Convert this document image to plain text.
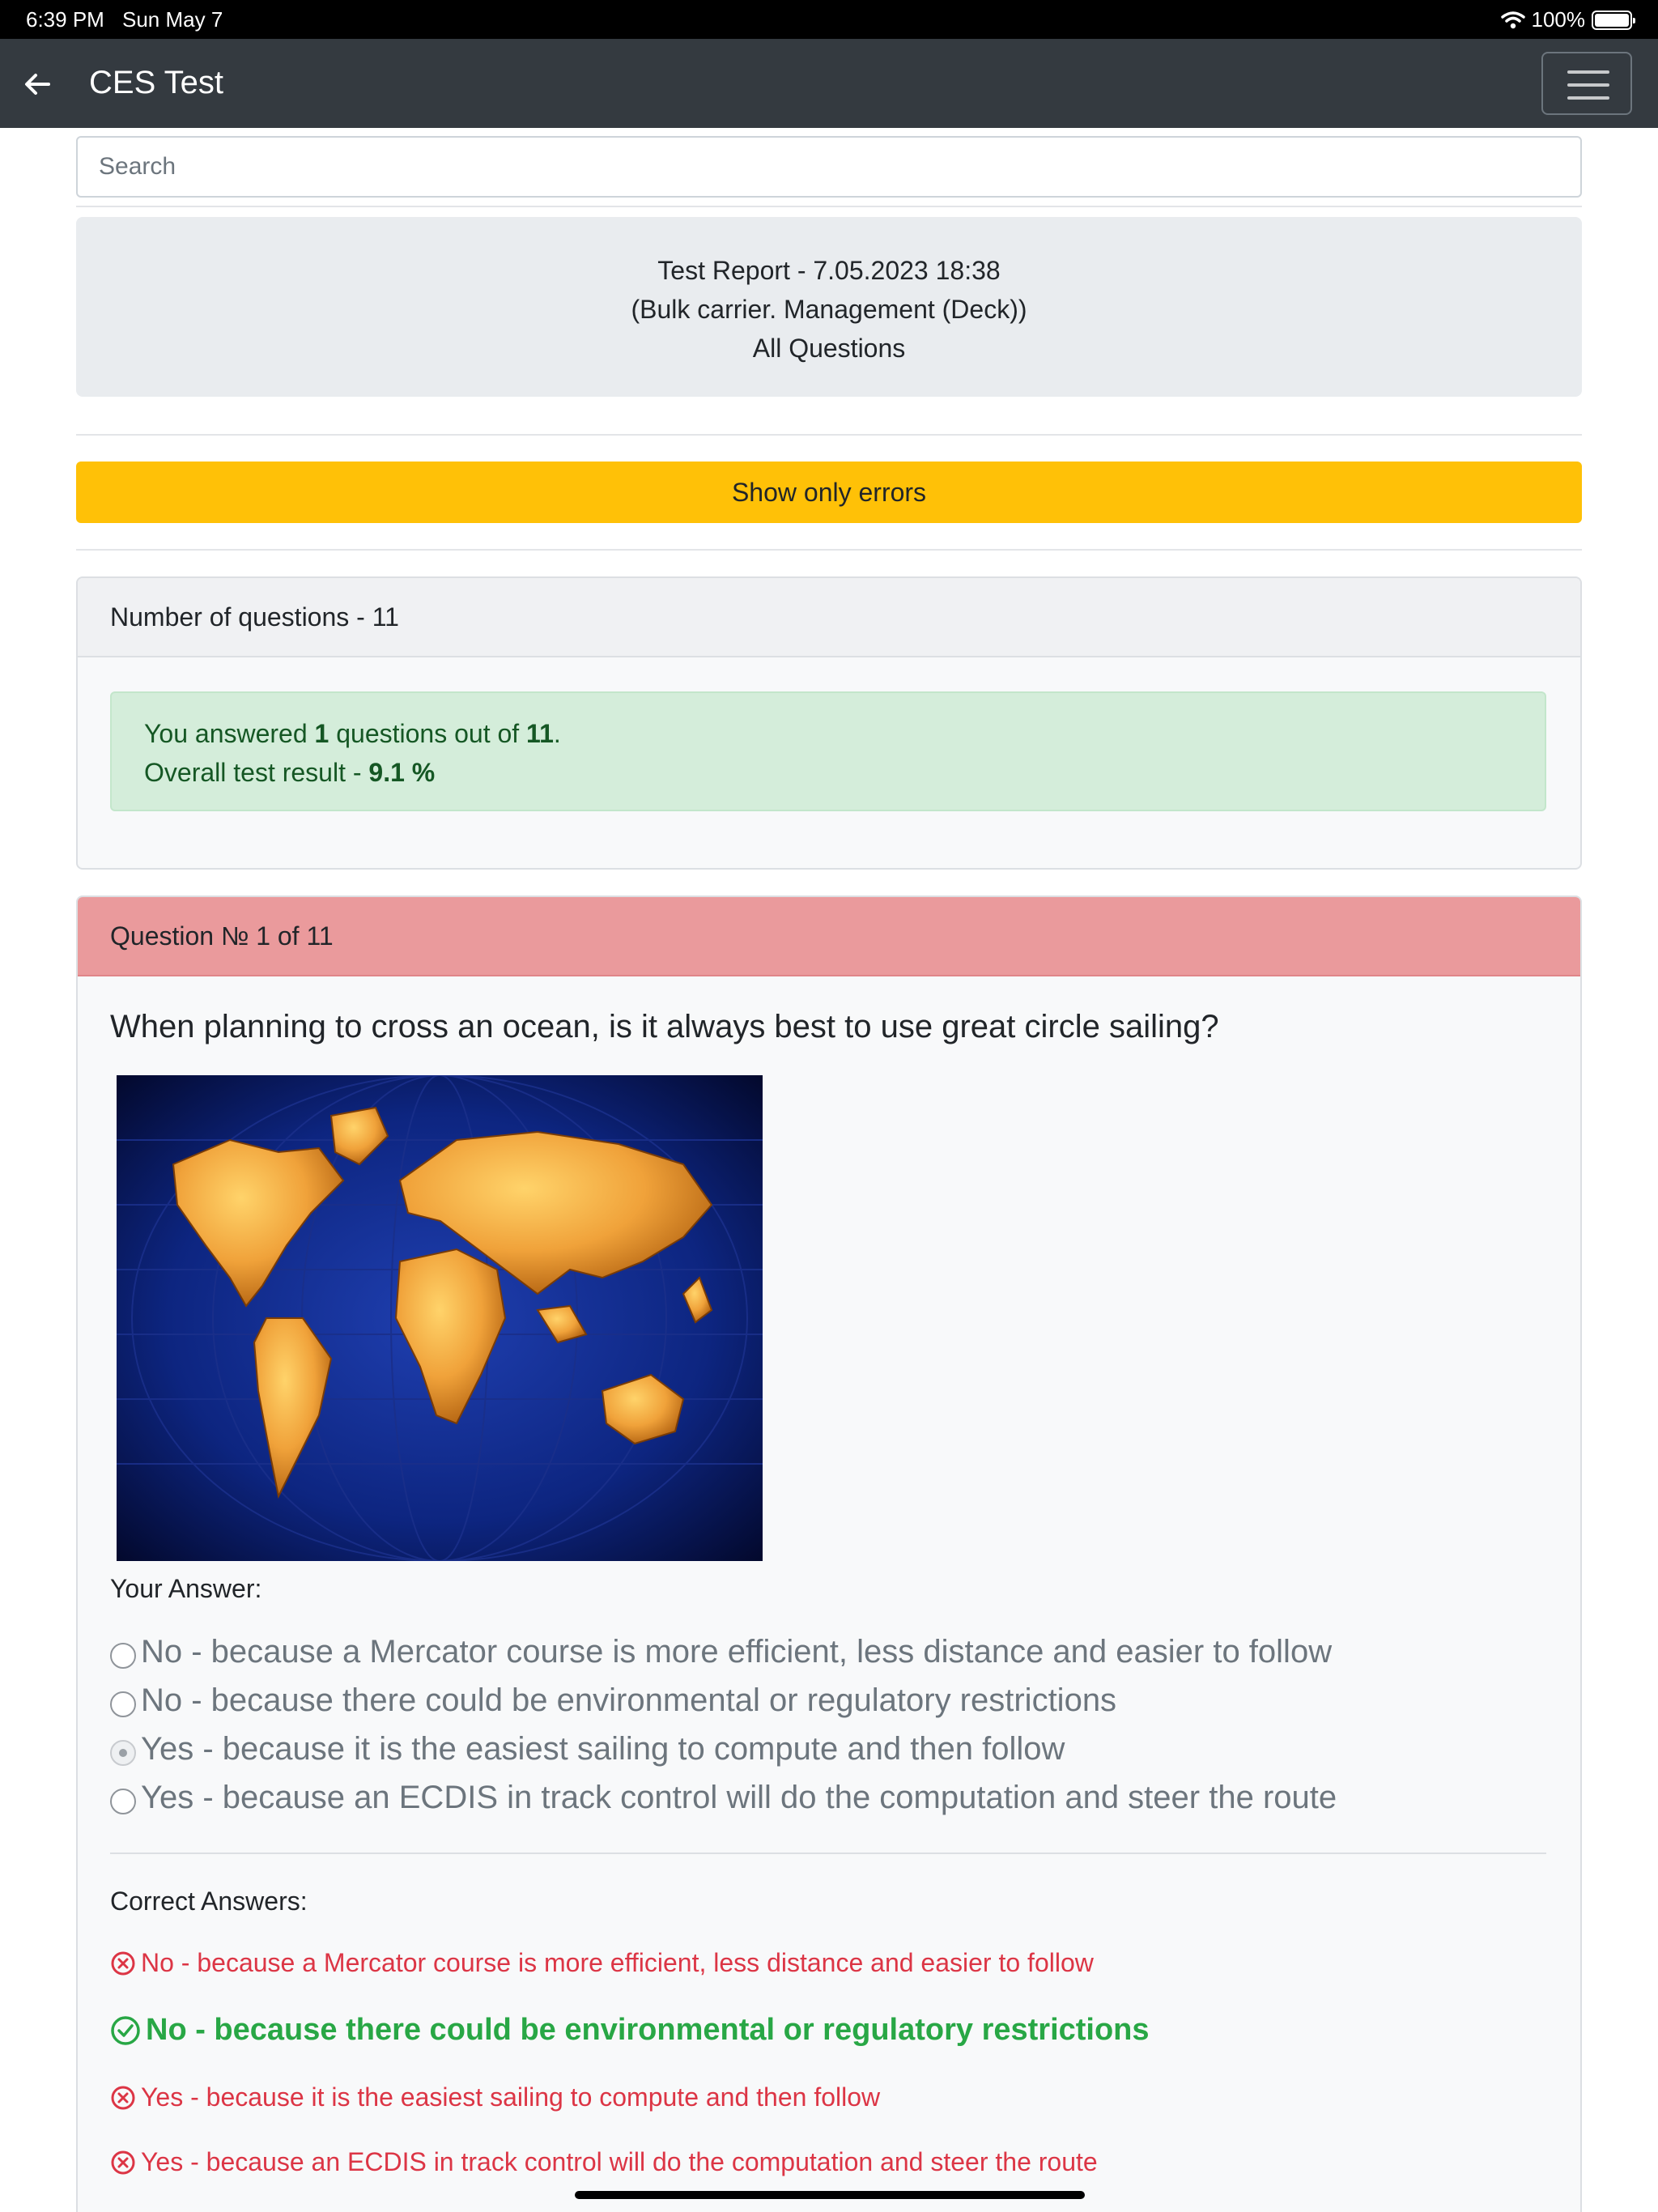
6:39 PM Sun May 7	100%
CES Test
Search
Test Report - 7.05.2023 18:38
(Bulk carrier. Management (Deck))
All Questions
Show only errors
Number of questions - 11
You answered 1 questions out of 11.
Overall test result - 9.1 %
Question № 1 of 11
When planning to cross an ocean, is it always best to use great circle sailing?
Your Answer:
No - because a Mercator course is more efficient, less distance and easier to follow
No - because there could be environmental or regulatory restrictions
Yes - because it is the easiest sailing to compute and then follow
Yes - because an ECDIS in track control will do the computation and steer the route
Correct Answers:
No - because a Mercator course is more efficient, less distance and easier to follow
No - because there could be environmental or regulatory restrictions
Yes - because it is the easiest sailing to compute and then follow
Yes - because an ECDIS in track control will do the computation and steer the route
